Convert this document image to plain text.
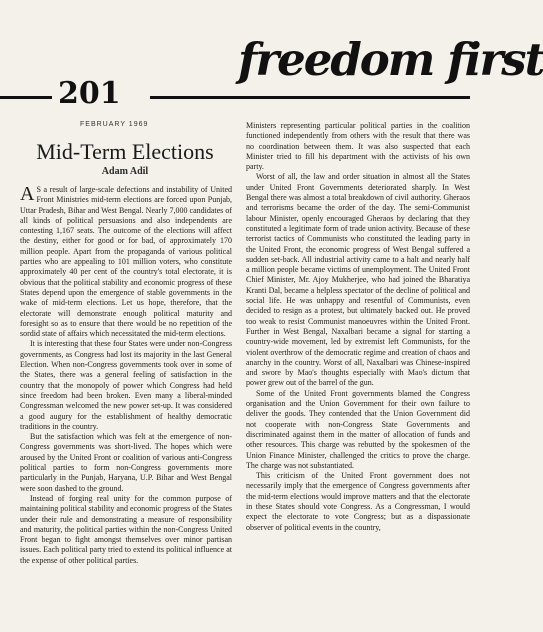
freedom first
201
FEBRUARY 1969
Mid-Term Elections
Adam Adil

A S a result of large-scale defections and instability of United Front Ministries mid-term elections are forced upon Punjab, Uttar Pradesh, Bihar and West Bengal. Nearly 7,000 candidates of all kinds of political persuasions and also independents are contesting 1,167 seats. The outcome of the elections will affect the destiny, either for good or for bad, of approximately 170 million people. Apart from the propaganda of various political parties who are appealing to 101 million voters, who constitute approximately 40 per cent of the country's total electorate, it is obvious that the political stability and economic progress of these States depend upon the emergence of stable governments in the wake of mid-term elections. Let us hope, therefore, that the electorate will demonstrate enough political maturity and foresight so as to ensure that there would be no repetition of the sordid state of affairs which necessitated the mid-term elections.

It is interesting that these four States were under non-Congress governments, as Congress had lost its majority in the last General Election. When non-Congress governments took over in some of the States, there was a general feeling of satisfaction in the country that the monopoly of power which Congress had held since freedom had been broken. Even many a liberal-minded Congressman welcomed the new power set-up. It was considered a good augury for the establishment of healthy democratic traditions in the country.

But the satisfaction which was felt at the emergence of non-Congress governments was short-lived. The hopes which were aroused by the United Front or coalition of various anti-Congress political parties to form non-Congress governments more particularly in the Punjab, Haryana, U.P. Bihar and West Bengal were soon dashed to the ground.

Instead of forging real unity for the common purpose of maintaining political stability and economic progress of the States under their rule and demonstrating a measure of responsibility and maturity, the political parties within the non-Congress United Front began to fight amongst themselves over minor partisan issues. Each political party tried to extend its political influence at the expense of other political parties.

Ministers representing particular political parties in the coalition functioned independently from others with the result that there was no coordination between them. It was also suspected that each Minister tried to fill his department with the activists of his own party.

Worst of all, the law and order situation in almost all the States under United Front Governments deteriorated sharply. In West Bengal there was almost a total breakdown of civil authority. Gheraos and terrorisms became the order of the day. The semi-Communist labour Minister, openly encouraged Gheraos by declaring that they constituted a legitimate form of trade union activity. Because of these terrorist tactics of Communists who constituted the leading party in the United Front, the economic progress of West Bengal suffered a sudden set-back. All industrial activity came to a halt and nearly half a million people became victims of unemployment. The United Front Chief Minister, Mr. Ajoy Mukherjee, who had joined the Bharatiya Kranti Dal, became a helpless spectator of the decline of political and social life. He was unhappy and resentful of Communists, even decided to resign as a protest, but ultimately backed out. He proved too weak to resist Communist manoeuvres within the United Front. Further in West Bengal, Naxalbari became a signal for starting a country-wide movement, led by extremist left Communists, for the violent overthrow of the democratic regime and creation of chaos and anarchy in the country. Worst of all, Naxalbari was Chinese-inspired and swore by Mao's thoughts especially with Mao's dictum that power grew out of the barrel of the gun.

Some of the United Front governments blamed the Congress organisation and the Union Government for their own failure to deliver the goods. They contended that the Union Government did not cooperate with non-Congress State Governments and discriminated against them in the matter of allocation of funds and other resources. This charge was rebutted by the spokesmen of the Union Finance Minister, challenged the critics to prove the charge. The charge was not substantiated.

This criticism of the United Front government does not necessarily imply that the emergence of Congress governments after the mid-term elections would improve matters and that the electorate in these States should vote Congress. As a Congressman, I would expect the electorate to vote Congress; but as a dispassionate observer of political events in the country,
